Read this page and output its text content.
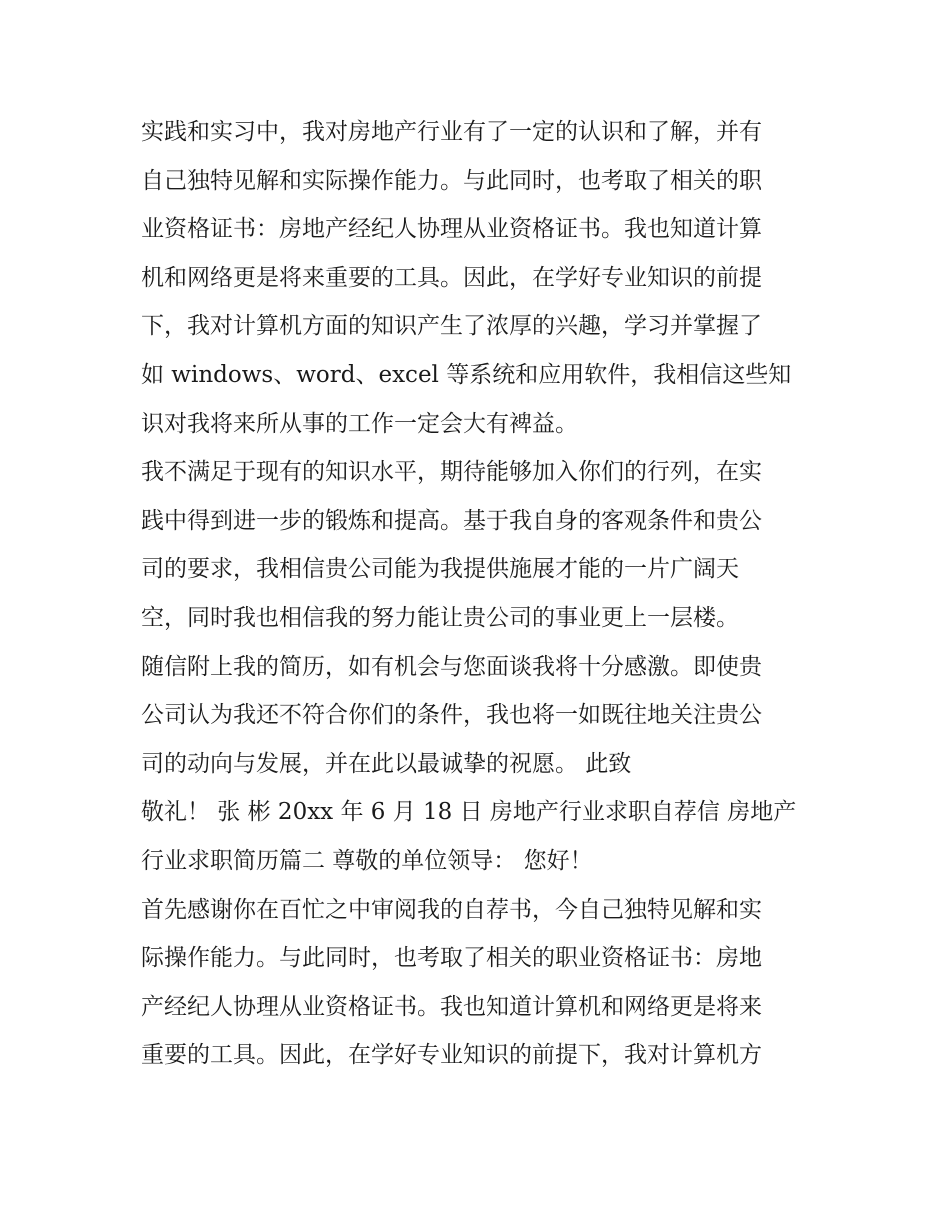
实践和实习中，我对房地产行业有了一定的认识和了解，并有
自己独特见解和实际操作能力。与此同时，也考取了相关的职
业资格证书：房地产经纪人协理从业资格证书。我也知道计算
机和网络更是将来重要的工具。因此，在学好专业知识的前提
下，我对计算机方面的知识产生了浓厚的兴趣，学习并掌握了
如 windows、word、excel 等系统和应用软件，我相信这些知
识对我将来所从事的工作一定会大有裨益。
我不满足于现有的知识水平，期待能够加入你们的行列，在实
践中得到进一步的锻炼和提高。基于我自身的客观条件和贵公
司的要求，我相信贵公司能为我提供施展才能的一片广阔天
空，同时我也相信我的努力能让贵公司的事业更上一层楼。
随信附上我的简历，如有机会与您面谈我将十分感激。即使贵
公司认为我还不符合你们的条件，我也将一如既往地关注贵公
司的动向与发展，并在此以最诚挚的祝愿。 此致
敬礼！ 张 彬 20xx 年 6 月 18 日 房地产行业求职自荐信 房地产
行业求职简历篇二 尊敬的单位领导： 您好！
首先感谢你在百忙之中审阅我的自荐书，今自己独特见解和实
际操作能力。与此同时，也考取了相关的职业资格证书：房地
产经纪人协理从业资格证书。我也知道计算机和网络更是将来
重要的工具。因此，在学好专业知识的前提下，我对计算机方
